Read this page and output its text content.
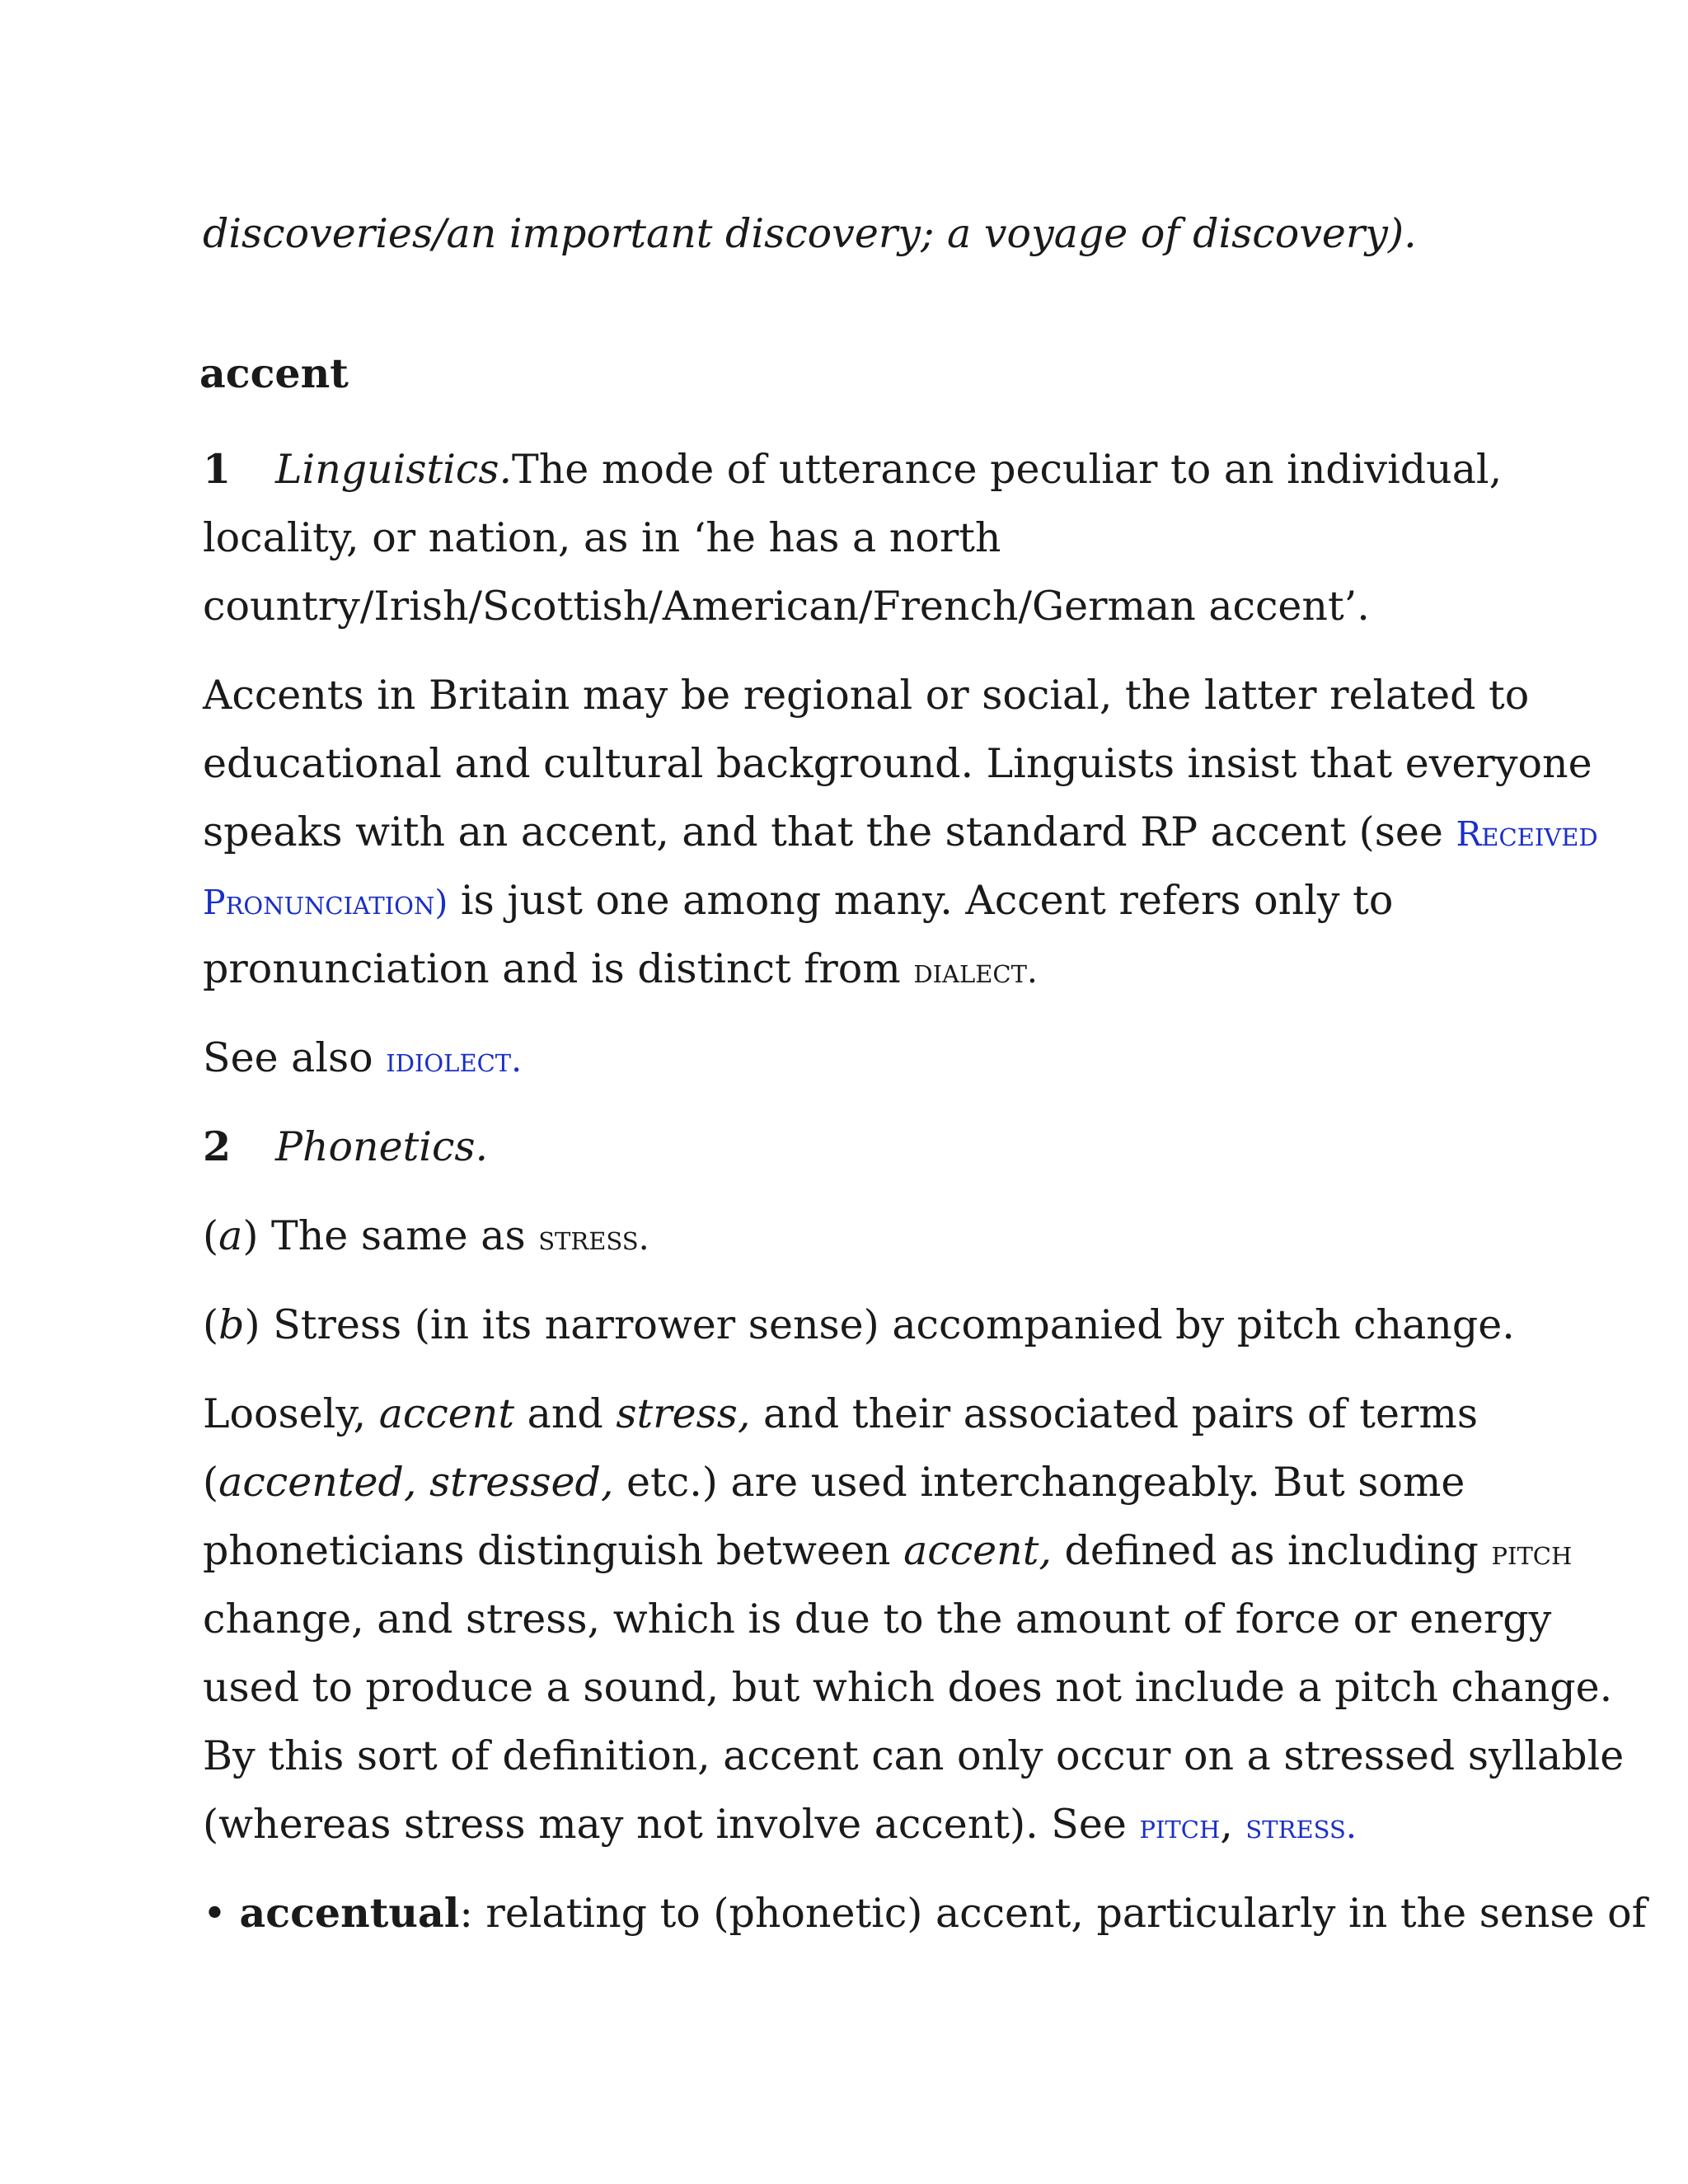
discoveries/an important discovery; a voyage of discovery).
accent
1 Linguistics.The mode of utterance peculiar to an individual,
locality, or nation, as in ‘he has a north
country/Irish/Scottish/American/French/German accent’.
Accents in Britain may be regional or social, the latter related to
educational and cultural background. Linguists insist that everyone
speaks with an accent, and that the standard RP accent (see Received
Pronunciation) is just one among many. Accent refers only to
pronunciation and is distinct from dialect.
See also idiolect.
2 Phonetics.
(a) The same as stress.
(b) Stress (in its narrower sense) accompanied by pitch change.
Loosely, accent and stress, and their associated pairs of terms
(accented, stressed, etc.) are used interchangeably. But some
phoneticians distinguish between accent, defined as including pitch
change, and stress, which is due to the amount of force or energy
used to produce a sound, but which does not include a pitch change.
By this sort of definition, accent can only occur on a stressed syllable
(whereas stress may not involve accent). See pitch, stress.
• accentual: relating to (phonetic) accent, particularly in the sense of
